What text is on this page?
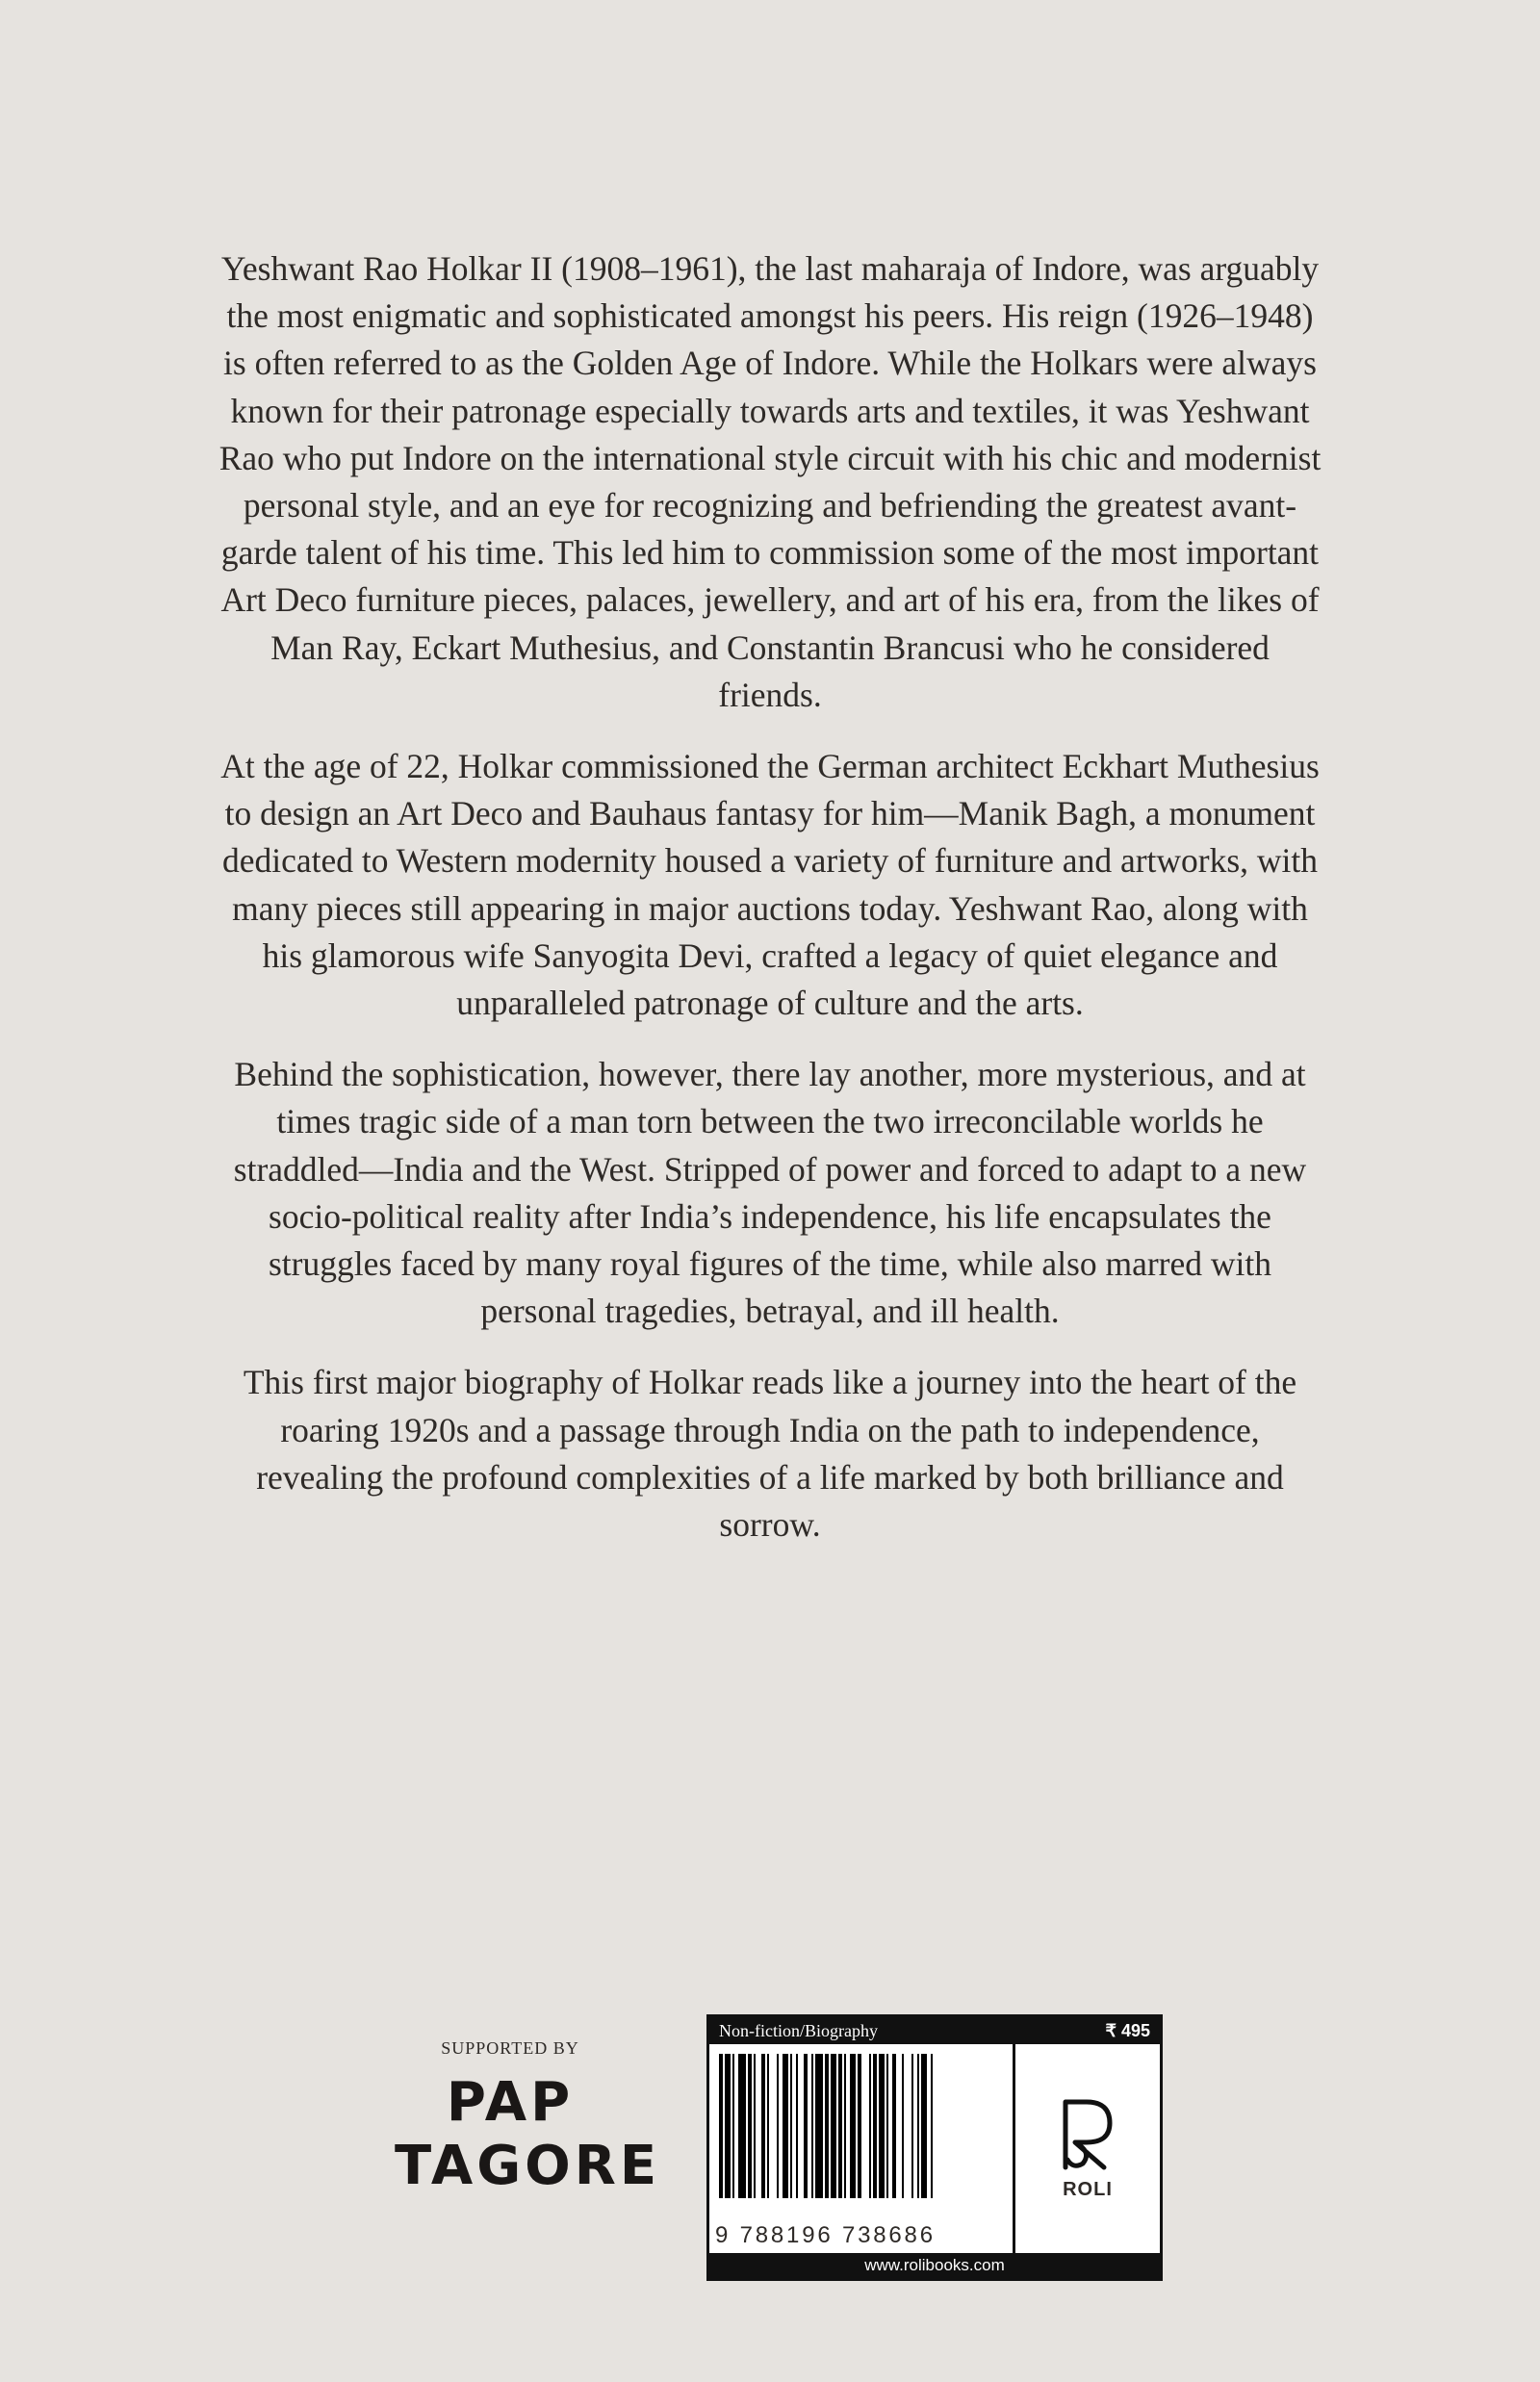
Yeshwant Rao Holkar II (1908–1961), the last maharaja of Indore, was arguably the most enigmatic and sophisticated amongst his peers. His reign (1926–1948) is often referred to as the Golden Age of Indore. While the Holkars were always known for their patronage especially towards arts and textiles, it was Yeshwant Rao who put Indore on the international style circuit with his chic and modernist personal style, and an eye for recognizing and befriending the greatest avant-garde talent of his time. This led him to commission some of the most important Art Deco furniture pieces, palaces, jewellery, and art of his era, from the likes of Man Ray, Eckart Muthesius, and Constantin Brancusi who he considered friends.

At the age of 22, Holkar commissioned the German architect Eckhart Muthesius to design an Art Deco and Bauhaus fantasy for him—Manik Bagh, a monument dedicated to Western modernity housed a variety of furniture and artworks, with many pieces still appearing in major auctions today. Yeshwant Rao, along with his glamorous wife Sanyogita Devi, crafted a legacy of quiet elegance and unparalleled patronage of culture and the arts.

Behind the sophistication, however, there lay another, more mysterious, and at times tragic side of a man torn between the two irreconcilable worlds he straddled—India and the West. Stripped of power and forced to adapt to a new socio-political reality after India’s independence, his life encapsulates the struggles faced by many royal figures of the time, while also marred with personal tragedies, betrayal, and ill health.

This first major biography of Holkar reads like a journey into the heart of the roaring 1920s and a passage through India on the path to independence, revealing the profound complexities of a life marked by both brilliance and sorrow.

SUPPORTED BY
PAP
TAGORE
Non-fiction/Biography	₹ 495
9 788196 738686
ROLI
www.rolibooks.com
